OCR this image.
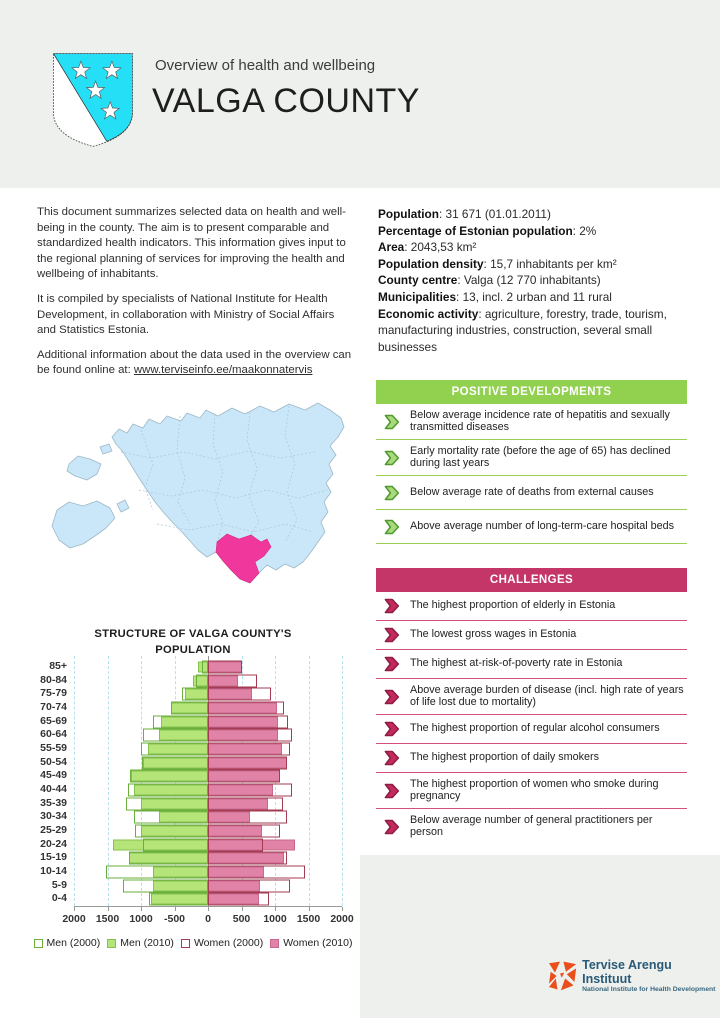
Overview of health and wellbeing
VALGA COUNTY

This document summarizes selected data on health and well-being in the county. The aim is to present comparable and standardized health indicators. This information gives input to the regional planning of services for improving the health and wellbeing of inhabitants.

It is compiled by specialists of National Institute for Health Development, in collaboration with Ministry of Social Affairs and Statistics Estonia.

Additional information about the data used in the overview can be found online at: www.terviseinfo.ee/maakonnatervis

Population: 31 671 (01.01.2011)
Percentage of Estonian population: 2%
Area: 2043,53 km²
Population density: 15,7 inhabitants per km²
County centre: Valga (12 770 inhabitants)
Municipalities: 13, incl. 2 urban and 11 rural
Economic activity: agriculture, forestry, trade, tourism, manufacturing industries, construction, several small businesses
POSITIVE DEVELOPMENTS
Below average incidence rate of hepatitis and sexually transmitted diseases
Early mortality rate (before the age of 65) has declined during last years
Below average rate of deaths from external causes
Above average number of long-term-care hospital beds
CHALLENGES
The highest proportion of elderly in Estonia
The lowest gross wages in Estonia
The highest at-risk-of-poverty rate in Estonia
Above average burden of disease (incl. high rate of years of life lost due to mortality)
The highest proportion of regular alcohol consumers
The highest proportion of daily smokers
The highest proportion of women who smoke during pregnancy
Below average number of general practitioners per person
STRUCTURE OF VALGA COUNTY'S
POPULATION
85+
80-84
75-79
70-74
65-69
60-64
55-59
50-54
45-49
40-44
35-39
30-34
25-29
20-24
15-19
10-14
5-9
0-4
2000 1500 1000 -500 0 500 1000 1500 2000
Men (2000) Men (2010) Women (2000) Women (2010)
Tervise Arengu Instituut
National Institute for Health Development
